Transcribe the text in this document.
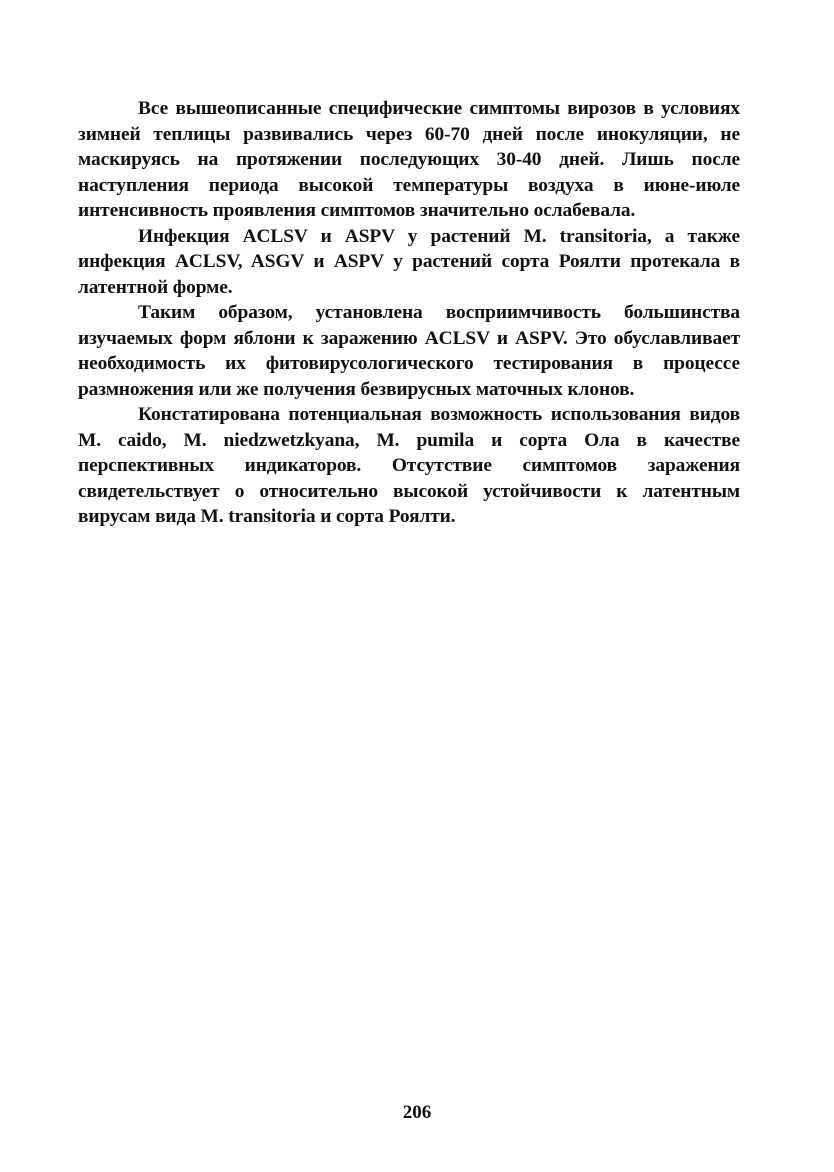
Все вышеописанные специфические симптомы вирозов в условиях зимней теплицы развивались через 60-70 дней после инокуляции, не маскируясь на протяжении последующих 30-40 дней. Лишь после наступления периода высокой температуры воздуха в июне-июле интенсивность проявления симптомов значительно ослабевала.

Инфекция ACLSV и ASPV у растений M. transitoria, а также инфекция ACLSV, ASGV и ASPV у растений сорта Роялти протекала в латентной форме.

Таким образом, установлена восприимчивость большинства изучаемых форм яблони к заражению ACLSV и ASPV. Это обуславливает необходимость их фитовирусологического тестирования в процессе размножения или же получения безвирусных маточных клонов.

Констатирована потенциальная возможность использования видов M. caido, M. niedzwetzkyana, M. pumila и сорта Ола в качестве перспективных индикаторов. Отсутствие симптомов заражения свидетельствует о относительно высокой устойчивости к латентным вирусам вида M. transitoria и сорта Роялти.

206
